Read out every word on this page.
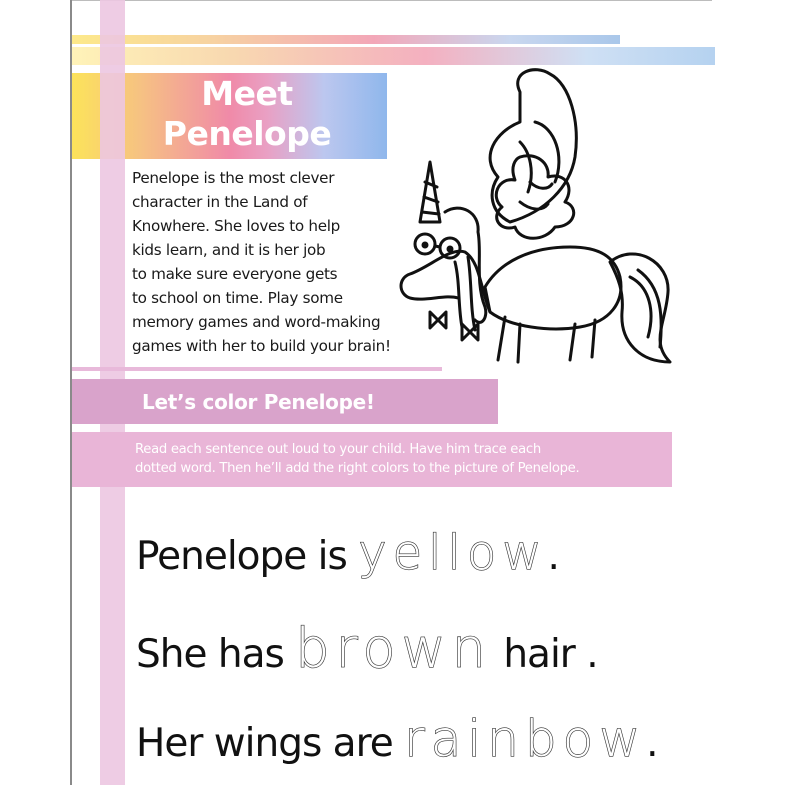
Meet
Penelope
Penelope is the most clever
character in the Land of
Knowhere. She loves to help
kids learn, and it is her job
to make sure everyone gets
to school on time. Play some
memory games and word-making
games with her to build your brain!
Let’s color Penelope!
Read each sentence out loud to your child. Have him trace each
dotted word. Then he’ll add the right colors to the picture of Penelope.
Penelope is yellow.
She has brown hair .
Her wings are rainbow.
